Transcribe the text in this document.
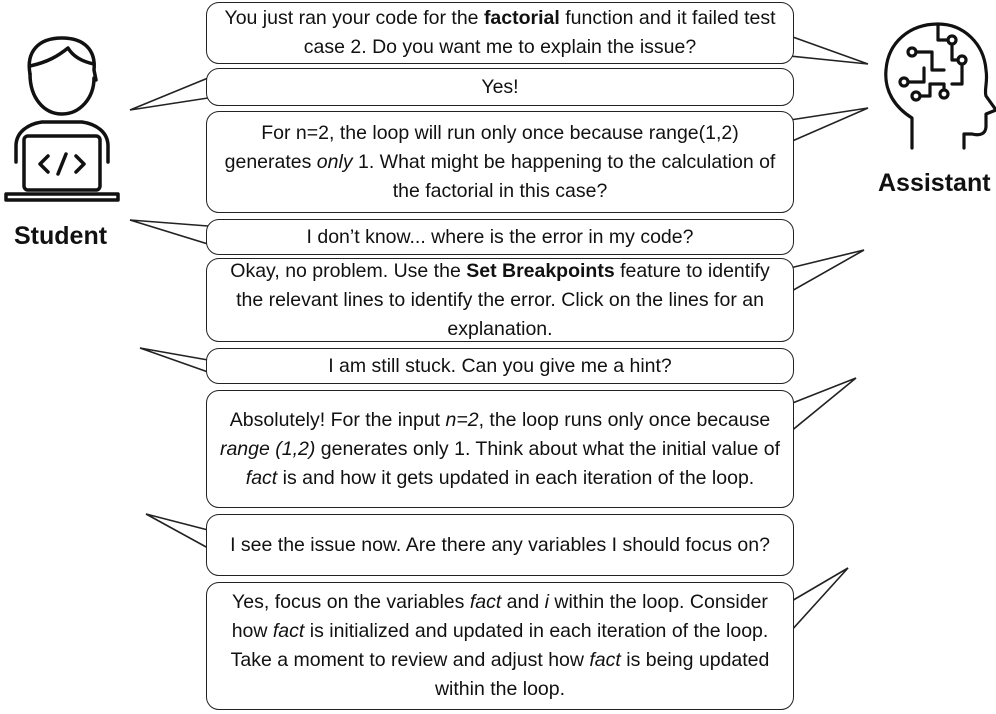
Student
Assistant
You just ran your code for the factorial function and it failed test case 2. Do you want me to explain the issue?
Yes!
For n=2, the loop will run only once because range(1,2) generates only 1. What might be happening to the calculation of the factorial in this case?
I don’t know... where is the error in my code?
Okay, no problem. Use the Set Breakpoints feature to identify the relevant lines to identify the error. Click on the lines for an explanation.
I am still stuck. Can you give me a hint?
Absolutely! For the input n=2, the loop runs only once because range (1,2) generates only 1. Think about what the initial value of fact is and how it gets updated in each iteration of the loop.
I see the issue now. Are there any variables I should focus on?
Yes, focus on the variables fact and i within the loop. Consider how fact is initialized and updated in each iteration of the loop. Take a moment to review and adjust how fact is being updated within the loop.
